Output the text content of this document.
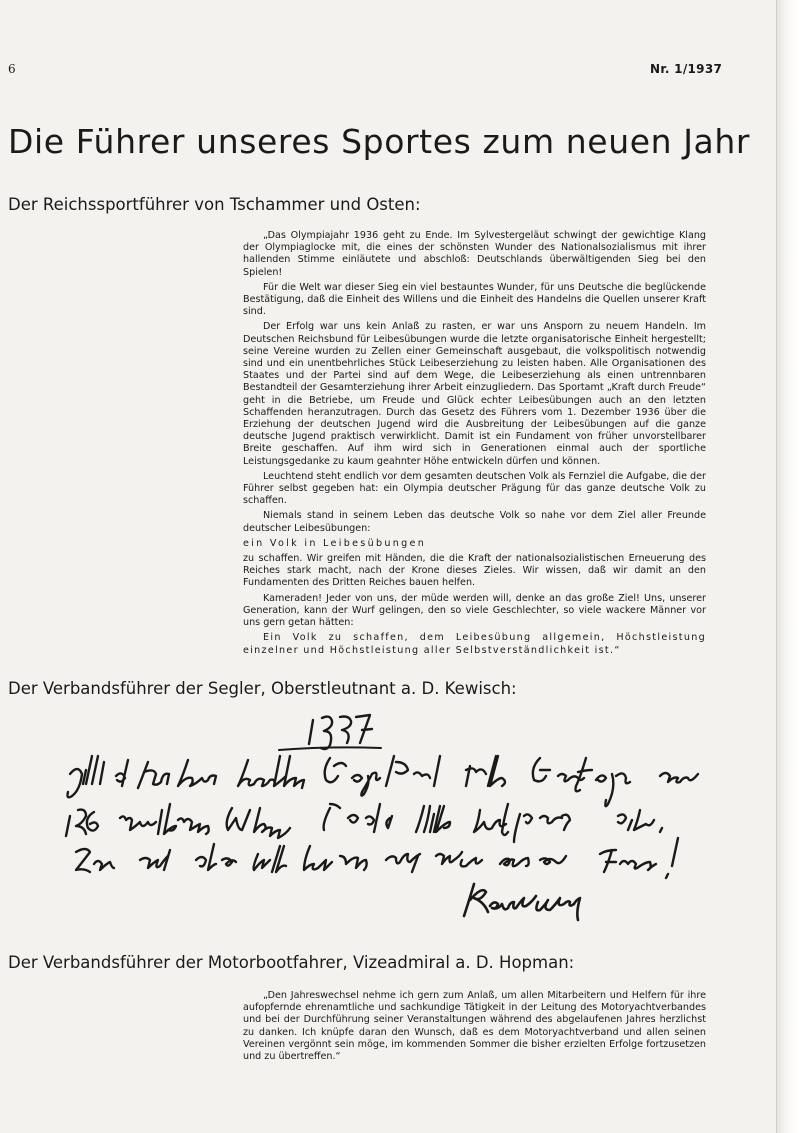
6	Nr. 1/1937
Die Führer unseres Sportes zum neuen Jahr
Der Reichssportführer von Tschammer und Osten:

„Das Olympiajahr 1936 geht zu Ende. Im Sylvestergeläut schwingt der gewichtige Klang der Olympiaglocke mit, die eines der schönsten Wunder des Nationalsozialismus mit ihrer hallenden Stimme einläutete und abschloß: Deutschlands überwältigenden Sieg bei den Spielen!

Für die Welt war dieser Sieg ein viel bestauntes Wunder, für uns Deutsche die beglückende Bestätigung, daß die Einheit des Willens und die Einheit des Handelns die Quellen unserer Kraft sind.

Der Erfolg war uns kein Anlaß zu rasten, er war uns Ansporn zu neuem Handeln. Im Deutschen Reichsbund für Leibesübungen wurde die letzte organisatorische Einheit hergestellt; seine Vereine wurden zu Zellen einer Gemeinschaft ausgebaut, die volkspolitisch notwendig sind und ein unentbehrliches Stück Leibeserziehung zu leisten haben. Alle Organisationen des Staates und der Partei sind auf dem Wege, die Leibeserziehung als einen untrennbaren Bestandteil der Gesamterziehung ihrer Arbeit einzugliedern. Das Sportamt „Kraft durch Freude“ geht in die Betriebe, um Freude und Glück echter Leibesübungen auch an den letzten Schaffenden heranzutragen. Durch das Gesetz des Führers vom 1. Dezember 1936 über die Erziehung der deutschen Jugend wird die Ausbreitung der Leibesübungen auf die ganze deutsche Jugend praktisch verwirklicht. Damit ist ein Fundament von früher unvorstellbarer Breite geschaffen. Auf ihm wird sich in Generationen einmal auch der sportliche Leistungsgedanke zu kaum geahnter Höhe entwickeln dürfen und können.

Leuchtend steht endlich vor dem gesamten deutschen Volk als Fernziel die Aufgabe, die der Führer selbst gegeben hat: ein Olympia deutscher Prägung für das ganze deutsche Volk zu schaffen.

Niemals stand in seinem Leben das deutsche Volk so nahe vor dem Ziel aller Freunde deutscher Leibesübungen:

ein Volk in Leibesübungen

zu schaffen. Wir greifen mit Händen, die die Kraft der nationalsozialistischen Erneuerung des Reiches stark macht, nach der Krone dieses Zieles. Wir wissen, daß wir damit an den Fundamenten des Dritten Reiches bauen helfen.

Kameraden! Jeder von uns, der müde werden will, denke an das große Ziel! Uns, unserer Generation, kann der Wurf gelingen, den so viele Geschlechter, so viele wackere Männer vor uns gern getan hätten:

Ein Volk zu schaffen, dem Leibesübung allgemein, Höchstleistung einzelner und Höchstleistung aller Selbstverständlichkeit ist.“

Der Verbandsführer der Segler, Oberstleutnant a. D. Kewisch:
Der Verbandsführer der Motorbootfahrer, Vizeadmiral a. D. Hopman:

„Den Jahreswechsel nehme ich gern zum Anlaß, um allen Mitarbeitern und Helfern für ihre aufopfernde ehrenamtliche und sachkundige Tätigkeit in der Leitung des Motoryachtverbandes und bei der Durchführung seiner Veranstaltungen während des abgelaufenen Jahres herzlichst zu danken. Ich knüpfe daran den Wunsch, daß es dem Motoryachtverband und allen seinen Vereinen vergönnt sein möge, im kommenden Sommer die bisher erzielten Erfolge fortzusetzen und zu übertreffen.“
